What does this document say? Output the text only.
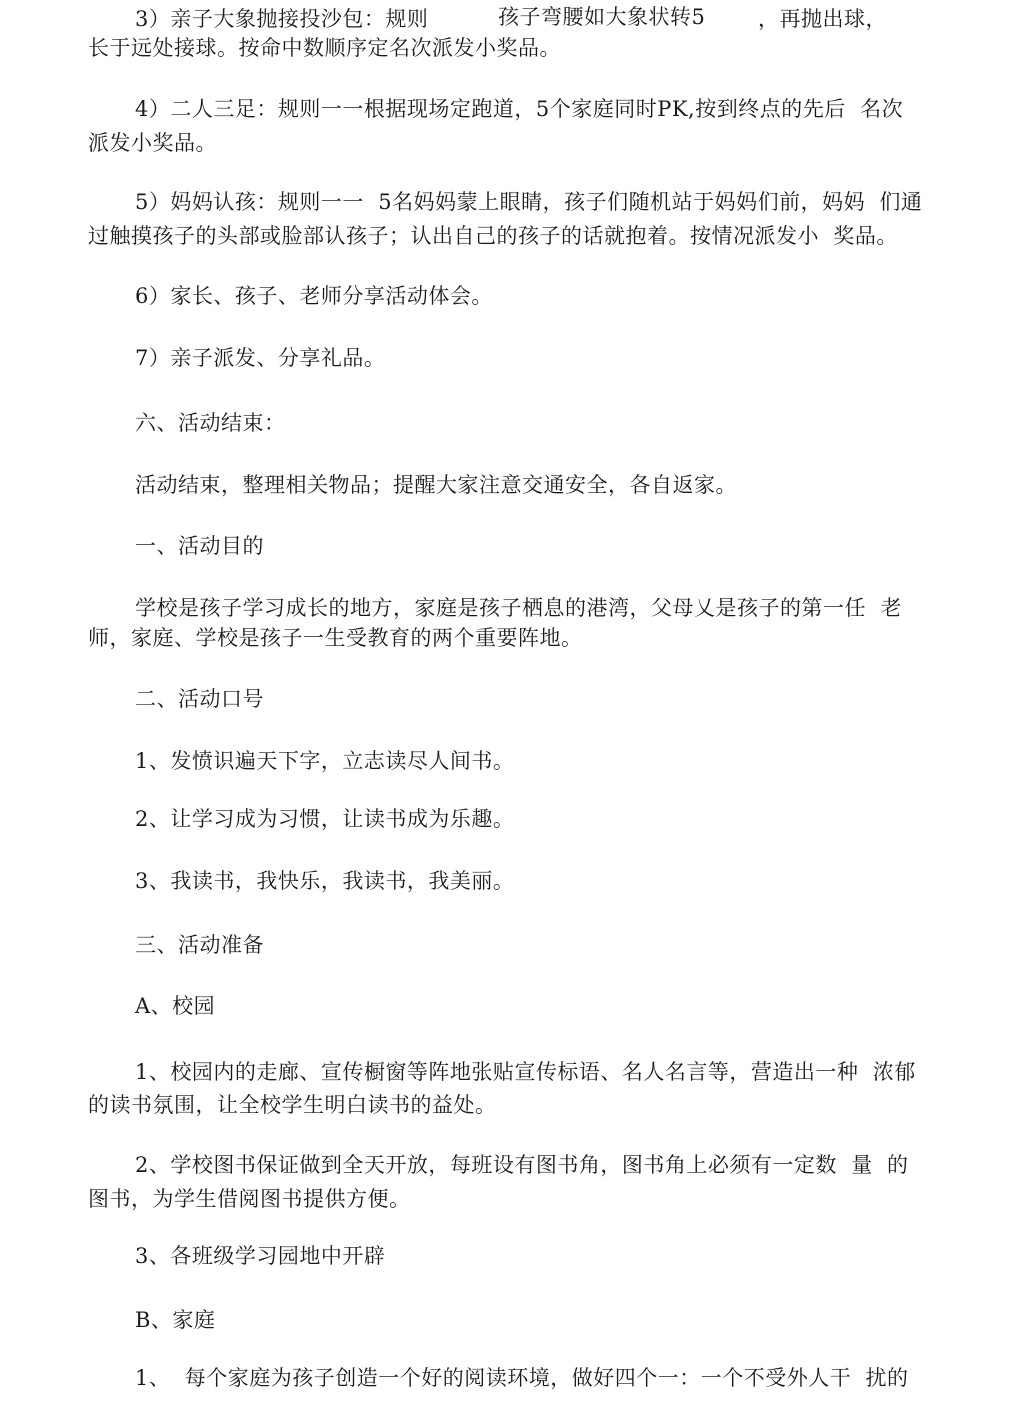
3）亲子大象抛接投沙包：规则	孩子弯腰如大象状转5	，再抛出球，
长于远处接球。按命中数顺序定名次派发小奖品。
4）二人三足：规则一一根据现场定跑道，5个家庭同时PK,按到终点的先后  名次
派发小奖品。
5）妈妈认孩：规则一一  5名妈妈蒙上眼睛，孩子们随机站于妈妈们前，妈妈  们通
过触摸孩子的头部或脸部认孩子；认出自己的孩子的话就抱着。按情况派发小  奖品。
6）家长、孩子、老师分享活动体会。
7）亲子派发、分享礼品。
六、活动结束：
活动结束，整理相关物品；提醒大家注意交通安全，各自返家。
一、活动目的
学校是孩子学习成长的地方，家庭是孩子栖息的港湾，父母乂是孩子的第一任  老
师，家庭、学校是孩子一生受教育的两个重要阵地。
二、活动口号
1、发愤识遍天下字，立志读尽人间书。
2、让学习成为习惯，让读书成为乐趣。
3、我读书，我快乐，我读书，我美丽。
三、活动准备
A、校园
1、校园内的走廊、宣传橱窗等阵地张贴宣传标语、名人名言等，营造出一种  浓郁
的读书氛围，让全校学生明白读书的益处。
2、学校图书保证做到全天开放，每班设有图书角，图书角上必须有一定数  量  的
图书，为学生借阅图书提供方便。
3、各班级学习园地中开辟
B、家庭
1、  每个家庭为孩子创造一个好的阅读环境，做好四个一：一个不受外人干  扰的
